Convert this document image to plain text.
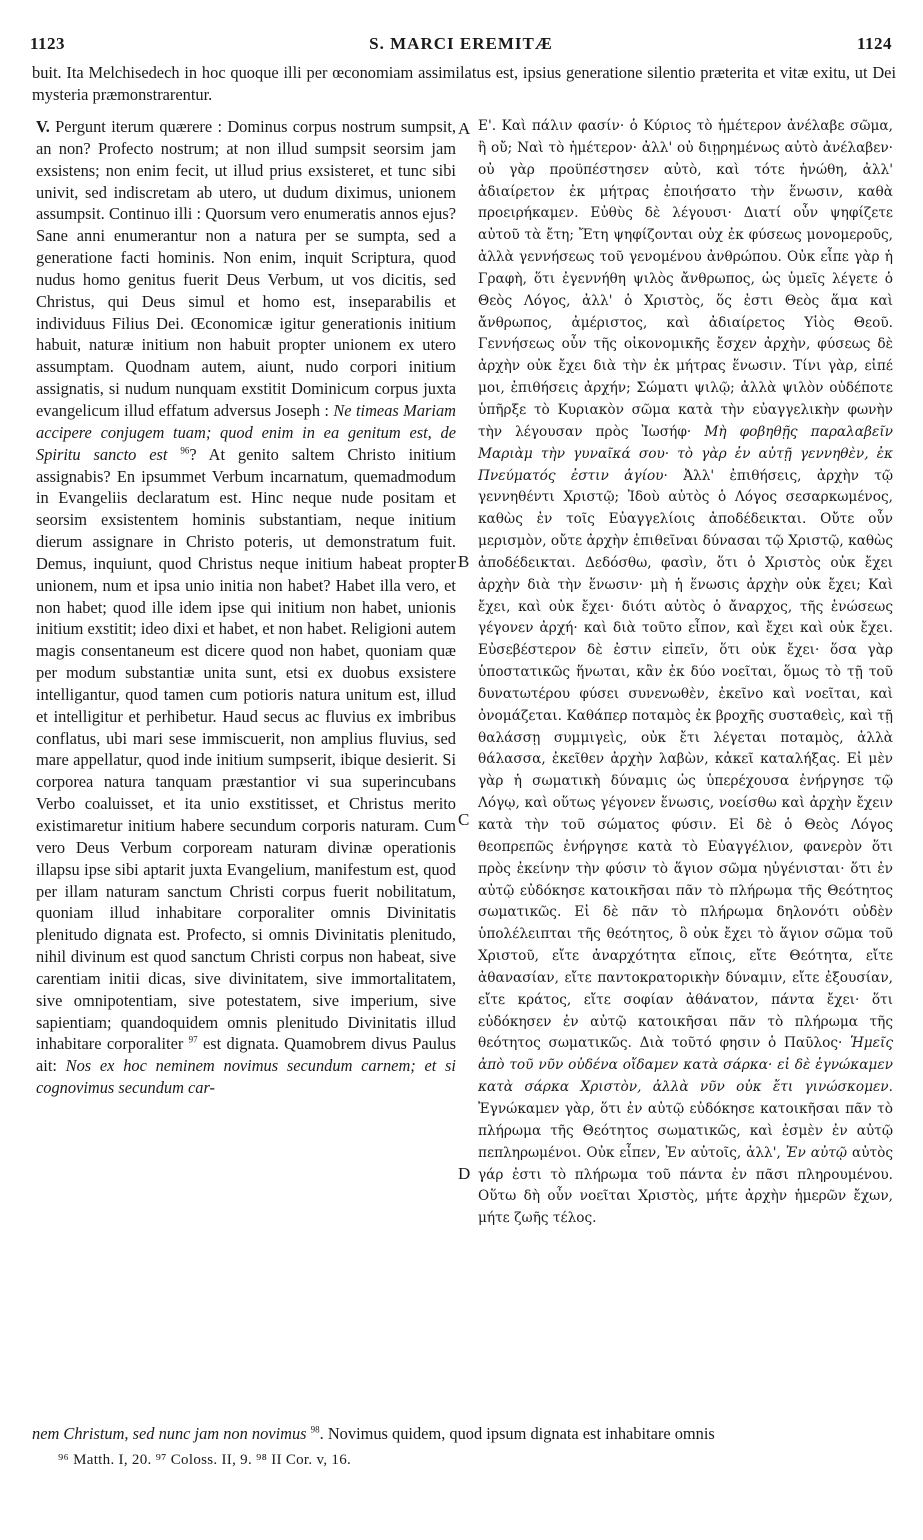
1123	S. MARCI EREMITÆ	1124

buit. Ita Melchisedech in hoc quoque illi per œconomiam assimilatus est, ipsius generatione silentio præterita et vitæ exitu, ut Dei mysteria præmonstrarentur.

V. Pergunt iterum quærere : Dominus corpus nostrum sumpsit, an non? Profecto nostrum; at non illud sumpsit seorsim jam exsistens; non enim fecit, ut illud prius exsisteret, et tunc sibi univit, sed indiscretam ab utero, ut dudum diximus, unionem assumpsit. Continuo illi : Quorsum vero enumeratis annos ejus? Sane anni enumerantur non a natura per se sumpta, sed a generatione facti hominis. Non enim, inquit Scriptura, quod nudus homo genitus fuerit Deus Verbum, ut vos dicitis, sed Christus, qui Deus simul et homo est, inseparabilis et individuus Filius Dei. Œconomicæ igitur generationis initium habuit, naturæ initium non habuit propter unionem ex utero assumptam. Quodnam autem, aiunt, nudo corpori initium assignatis, si nudum nunquam exstitit Dominicum corpus juxta evangelicum illud effatum adversus Joseph : Ne timeas Mariam accipere conjugem tuam; quod enim in ea genitum est, de Spiritu sancto est $^{96}$? At genito saltem Christo initium assignabis? En ipsummet Verbum incarnatum, quemadmodum in Evangeliis declaratum est. Hinc neque nude positam et seorsim exsistentem hominis substantiam, neque initium dierum assignare in Christo poteris, ut demonstratum fuit. Demus, inquiunt, quod Christus neque initium habeat propter unionem, num et ipsa unio initia non habet? Habet illa vero, et non habet; quod ille idem ipse qui initium non habet, unionis initium exstitit; ideo dixi et habet, et non habet. Religioni autem magis consentaneum est dicere quod non habet, quoniam quæ per modum substantiæ unita sunt, etsi ex duobus exsistere intelligantur, quod tamen cum potioris natura unitum est, illud et intelligitur et perhibetur. Haud secus ac fluvius ex imbribus conflatus, ubi mari sese immiscuerit, non amplius fluvius, sed mare appellatur, quod inde initium sumpserit, ibique desierit. Si corporea natura tanquam præstantior vi sua superincubans Verbo coaluisset, et ita unio exstitisset, et Christus merito existimaretur initium habere secundum corporis naturam. Cum vero Deus Verbum corpoream naturam divinæ operationis illapsu ipse sibi aptarit juxta Evangelium, manifestum est, quod per illam naturam sanctum Christi corpus fuerit nobilitatum, quoniam illud inhabitare corporaliter omnis Divinitatis plenitudo dignata est. Profecto, si omnis Divinitatis plenitudo, nihil divinum est quod sanctum Christi corpus non habeat, sive carentiam initii dicas, sive divinitatem, sive immortalitatem, sive omnipotentiam, sive potestatem, sive imperium, sive sapientiam; quandoquidem omnis plenitudo Divinitatis illud inhabitare corporaliter $^{97}$ est dignata. Quamobrem divus Paulus ait: Nos ex hoc neminem novimus secundum carnem; et si cognovimus secundum car-
A
B
C
D
Ε'. Καὶ πάλιν φασίν· ὁ Κύριος τὸ ἡμέτερον ἀνέλαβε σῶμα, ἢ οὔ; Ναὶ τὸ ἡμέτερον· ἀλλ' οὐ διῃρημένως αὐτὸ ἀνέλαβεν· οὐ γὰρ προϋπέστησεν αὐτὸ, καὶ τότε ἡνώθη, ἀλλ' ἀδιαίρετον ἐκ μήτρας ἐποιήσατο τὴν ἕνωσιν, καθὰ προειρήκαμεν. Εὐθὺς δὲ λέγουσι· Διατί οὖν ψηφίζετε αὐτοῦ τὰ ἔτη; Ἔτη ψηφίζονται οὐχ ἐκ φύσεως μονομεροῦς, ἀλλὰ γεννήσεως τοῦ γενομένου ἀνθρώπου. Οὐκ εἶπε γὰρ ἡ Γραφὴ, ὅτι ἐγεννήθη ψιλὸς ἄνθρωπος, ὡς ὑμεῖς λέγετε ὁ Θεὸς Λόγος, ἀλλ' ὁ Χριστὸς, ὅς ἐστι Θεὸς ἅμα καὶ ἄνθρωπος, ἀμέριστος, καὶ ἀδιαίρετος Υἱὸς Θεοῦ. Γεννήσεως οὖν τῆς οἰκονομικῆς ἔσχεν ἀρχὴν, φύσεως δὲ ἀρχὴν οὐκ ἔχει διὰ τὴν ἐκ μήτρας ἕνωσιν. Τίνι γὰρ, εἰπέ μοι, ἐπιθήσεις ἀρχήν; Σώματι ψιλῷ; ἀλλὰ ψιλὸν οὐδέποτε ὑπῆρξε τὸ Κυριακὸν σῶμα κατὰ τὴν εὐαγγελικὴν φωνὴν τὴν λέγουσαν πρὸς Ἰωσήφ· Μὴ φοβηθῇς παραλαβεῖν Μαριὰμ τὴν γυναῖκά σου· τὸ γὰρ ἐν αὐτῇ γεννηθὲν, ἐκ Πνεύματός ἐστιν ἁγίου· Ἀλλ' ἐπιθήσεις, ἀρχὴν τῷ γεννηθέντι Χριστῷ; Ἰδοὺ αὐτὸς ὁ Λόγος σεσαρκωμένος, καθὼς ἐν τοῖς Εὐαγγελίοις ἀποδέδεικται. Οὔτε οὖν μερισμὸν, οὔτε ἀρχὴν ἐπιθεῖναι δύνασαι τῷ Χριστῷ, καθὼς ἀποδέδεικται. Δεδόσθω, φασὶν, ὅτι ὁ Χριστὸς οὐκ ἔχει ἀρχὴν διὰ τὴν ἕνωσιν· μὴ ἡ ἕνωσις ἀρχὴν οὐκ ἔχει; Καὶ ἔχει, καὶ οὐκ ἔχει· διότι αὐτὸς ὁ ἄναρχος, τῆς ἑνώσεως γέγονεν ἀρχή· καὶ διὰ τοῦτο εἶπον, καὶ ἔχει καὶ οὐκ ἔχει. Εὐσεβέστερον δὲ ἐστιν εἰπεῖν, ὅτι οὐκ ἔχει· ὅσα γὰρ ὑποστατικῶς ἥνωται, κἂν ἐκ δύο νοεῖται, ὅμως τὸ τῇ τοῦ δυνατωτέρου φύσει συνενωθὲν, ἐκεῖνο καὶ νοεῖται, καὶ ὀνομάζεται. Καθάπερ ποταμὸς ἐκ βροχῆς συσταθεὶς, καὶ τῇ θαλάσσῃ συμμιγεὶς, οὐκ ἔτι λέγεται ποταμὸς, ἀλλὰ θάλασσα, ἐκεῖθεν ἀρχὴν λαβὼν, κἀκεῖ καταλήξας. Εἰ μὲν γὰρ ἡ σωματικὴ δύναμις ὡς ὑπερέχουσα ἐνήργησε τῷ Λόγῳ, καὶ οὕτως γέγονεν ἕνωσις, νοείσθω καὶ ἀρχὴν ἔχειν κατὰ τὴν τοῦ σώματος φύσιν. Εἰ δὲ ὁ Θεὸς Λόγος θεοπρεπῶς ἐνήργησε κατὰ τὸ Εὐαγγέλιον, φανερὸν ὅτι πρὸς ἐκείνην τὴν φύσιν τὸ ἅγιον σῶμα ηὐγένισται· ὅτι ἐν αὐτῷ εὐδόκησε κατοικῆσαι πᾶν τὸ πλήρωμα τῆς Θεότητος σωματικῶς. Εἰ δὲ πᾶν τὸ πλήρωμα δηλονότι οὐδὲν ὑπολέλειπται τῆς θεότητος, ὃ οὐκ ἔχει τὸ ἅγιον σῶμα τοῦ Χριστοῦ, εἴτε ἀναρχότητα εἴποις, εἴτε Θεότητα, εἴτε ἀθανασίαν, εἴτε παντοκρατορικὴν δύναμιν, εἴτε ἐξουσίαν, εἴτε κράτος, εἴτε σοφίαν ἀθάνατον, πάντα ἔχει· ὅτι εὐδόκησεν ἐν αὐτῷ κατοικῆσαι πᾶν τὸ πλήρωμα τῆς θεότητος σωματικῶς. Διὰ τοῦτό φησιν ὁ Παῦλος· Ἡμεῖς ἀπὸ τοῦ νῦν οὐδένα οἴδαμεν κατὰ σάρκα· εἰ δὲ ἐγνώκαμεν κατὰ σάρκα Χριστὸν, ἀλλὰ νῦν οὐκ ἔτι γινώσκομεν. Ἐγνώκαμεν γὰρ, ὅτι ἐν αὐτῷ εὐδόκησε κατοικῆσαι πᾶν τὸ πλήρωμα τῆς Θεότητος σωματικῶς, καὶ ἐσμὲν ἐν αὐτῷ πεπληρωμένοι. Οὐκ εἶπεν, Ἐν αὐτοῖς, ἀλλ', Ἐν αὐτῷ αὐτὸς γάρ ἐστι τὸ πλήρωμα τοῦ πάντα ἐν πᾶσι πληρουμένου. Οὕτω δὴ οὖν νοεῖται Χριστὸς, μήτε ἀρχὴν ἡμερῶν ἔχων, μήτε ζωῆς τέλος.

nem Christum, sed nunc jam non novimus $^{98}$. Novimus quidem, quod ipsum dignata est inhabitare omnis

⁹⁶ Matth. I, 20. ⁹⁷ Coloss. II, 9. ⁹⁸ II Cor. v, 16.
